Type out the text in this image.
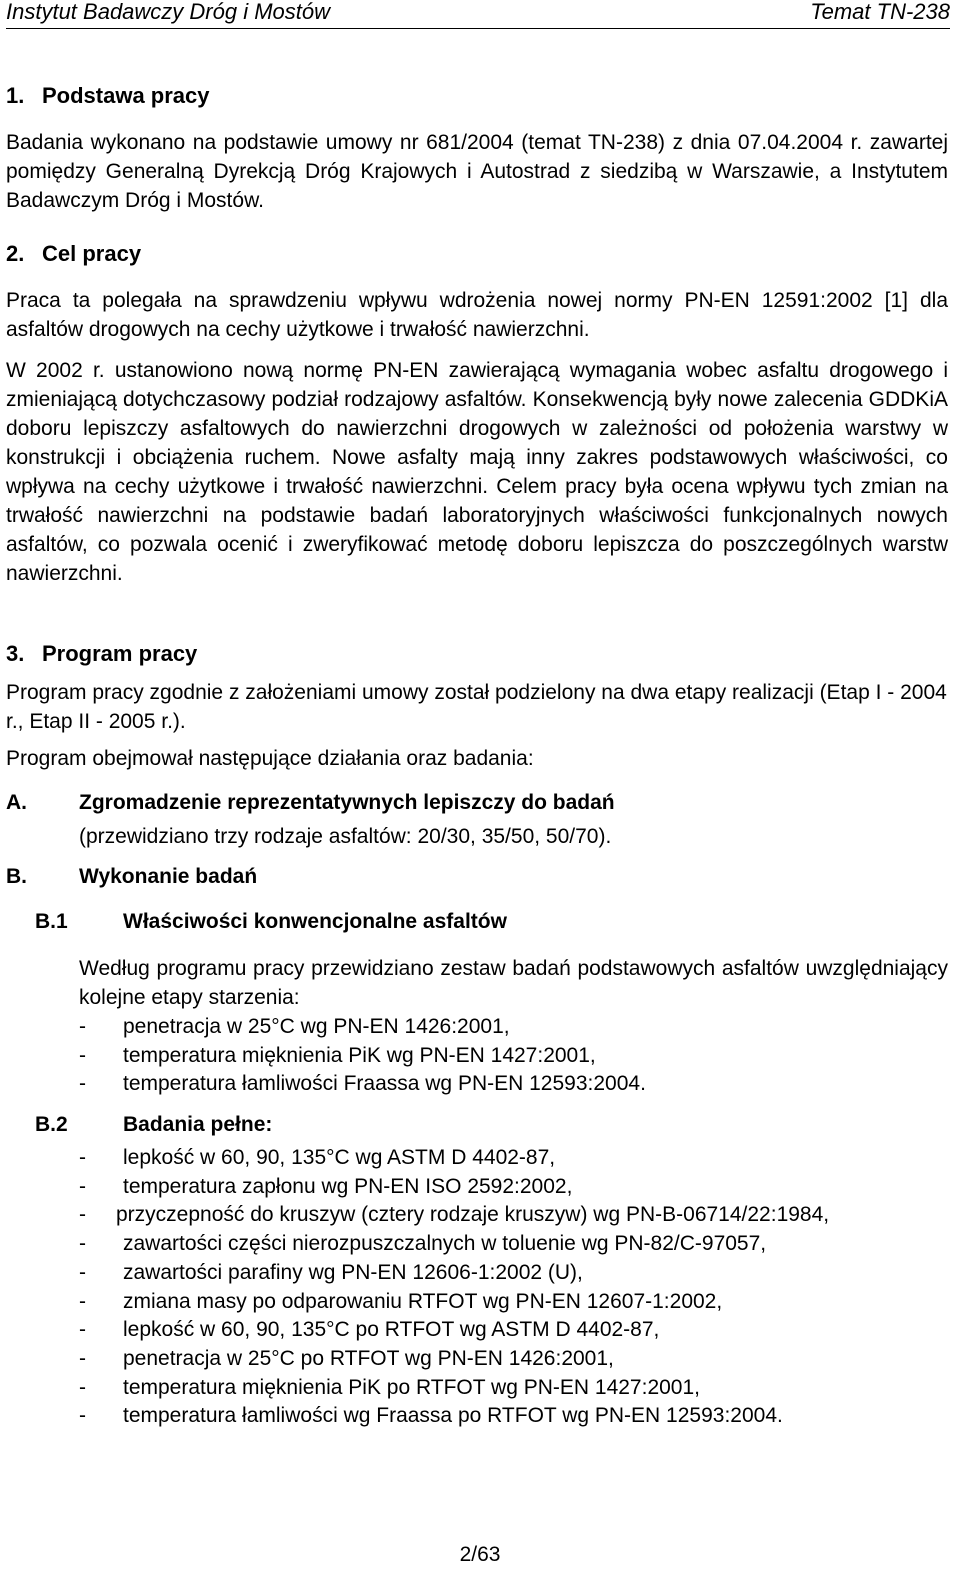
Instytut Badawczy Dróg i Mostów	Temat TN-238
1. Podstawa pracy
Badania wykonano na podstawie umowy nr 681/2004 (temat TN-238) z dnia 07.04.2004 r. zawartej pomiędzy Generalną Dyrekcją Dróg Krajowych i Autostrad z siedzibą w Warszawie, a Instytutem Badawczym Dróg i Mostów.
2. Cel pracy
Praca ta polegała na sprawdzeniu wpływu wdrożenia nowej normy PN-EN 12591:2002 [1] dla asfaltów drogowych na cechy użytkowe i trwałość nawierzchni.
W 2002 r. ustanowiono nową normę PN-EN zawierającą wymagania wobec asfaltu drogowego i zmieniającą dotychczasowy podział rodzajowy asfaltów. Konsekwencją były nowe zalecenia GDDKiA doboru lepiszczy asfaltowych do nawierzchni drogowych w zależności od położenia warstwy w konstrukcji i obciążenia ruchem. Nowe asfalty mają inny zakres podstawowych właściwości, co wpływa na cechy użytkowe i trwałość nawierzchni. Celem pracy była ocena wpływu tych zmian na trwałość nawierzchni na podstawie badań laboratoryjnych właściwości funkcjonalnych nowych asfaltów, co pozwala ocenić i zweryfikować metodę doboru lepiszcza do poszczególnych warstw nawierzchni.
3. Program pracy
Program pracy zgodnie z założeniami umowy został podzielony na dwa etapy realizacji (Etap I - 2004 r., Etap II - 2005 r.).
Program obejmował następujące działania oraz badania:
A. Zgromadzenie reprezentatywnych lepiszczy do badań
(przewidziano trzy rodzaje asfaltów: 20/30, 35/50, 50/70).
B. Wykonanie badań
B.1	Właściwości konwencjonalne asfaltów
Według programu pracy przewidziano zestaw badań podstawowych asfaltów uwzględniający kolejne etapy starzenia:
- penetracja w 25°C wg PN-EN 1426:2001,
- temperatura mięknienia PiK wg PN-EN 1427:2001,
- temperatura łamliwości Fraassa wg PN-EN 12593:2004.
B.2	Badania pełne:
- lepkość w 60, 90, 135°C wg ASTM D 4402-87,
- temperatura zapłonu wg PN-EN ISO 2592:2002,
- przyczepność do kruszyw (cztery rodzaje kruszyw) wg PN-B-06714/22:1984,
- zawartości części nierozpuszczalnych w toluenie wg PN-82/C-97057,
- zawartości parafiny wg PN-EN 12606-1:2002 (U),
- zmiana masy po odparowaniu RTFOT wg PN-EN 12607-1:2002,
- lepkość w 60, 90, 135°C po RTFOT wg ASTM D 4402-87,
- penetracja w 25°C po RTFOT wg PN-EN 1426:2001,
- temperatura mięknienia PiK po RTFOT wg PN-EN 1427:2001,
- temperatura łamliwości wg Fraassa po RTFOT wg PN-EN 12593:2004.
2/63
